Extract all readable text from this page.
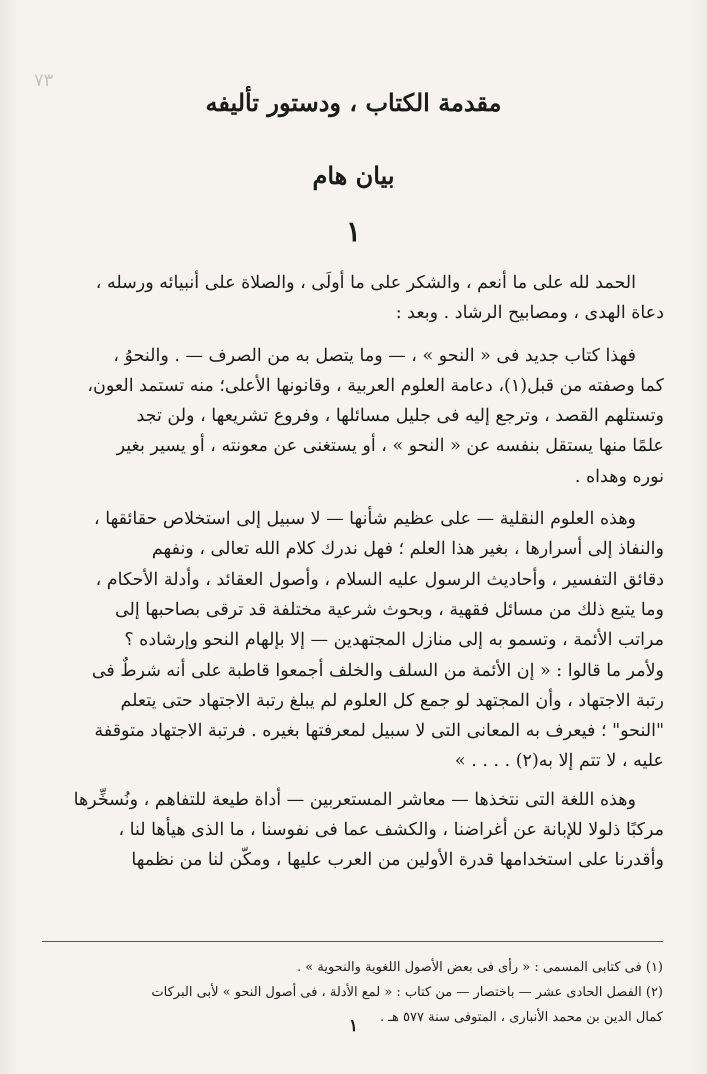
٧٣
مقدمة الكتاب ، ودستور تأليفه
بيان هام
١
الحمد لله على ما أنعم ، والشكر على ما أولَى ، والصلاة على أنبيائه ورسله ،
دعاة الهدى ، ومصابيح الرشاد . وبعد :
فهذا كتاب جديد فى « النحو » ، — وما يتصل به من الصرف — . والنحوُ ،
كما وصفته من قبل(١)، دعامة العلوم العربية ، وقانونها الأعلى؛ منه تستمد العون،
وتستلهم القصد ، وترجع إليه فى جليل مسائلها ، وفروع تشريعها ، ولن تجد
علمًا منها يستقل بنفسه عن « النحو » ، أو يستغنى عن معونته ، أو يسير بغير
نوره وهداه .
وهذه العلوم النقلية — على عظيم شأنها — لا سبيل إلى استخلاص حقائقها ،
والنفاذ إلى أسرارها ، بغير هذا العلم ؛ فهل ندرك كلام الله تعالى ، ونفهم
دقائق التفسير ، وأحاديث الرسول عليه السلام ، وأصول العقائد ، وأدلة الأحكام ،
وما يتبع ذلك من مسائل فقهية ، وبحوث شرعية مختلفة قد ترقى بصاحبها إلى
مراتب الأئمة ، وتسمو به إلى منازل المجتهدين — إلا بإلهام النحو وإرشاده ؟
ولأمر ما قالوا : « إن الأئمة من السلف والخلف أجمعوا قاطبة على أنه شرطٌ فى
رتبة الاجتهاد ، وأن المجتهد لو جمع كل العلوم لم يبلغ رتبة الاجتهاد حتى يتعلم
"النحو" ؛ فيعرف به المعانى التى لا سبيل لمعرفتها بغيره . فرتبة الاجتهاد متوقفة
عليه ، لا تتم إلا به(٢) . . . . »
وهذه اللغة التى نتخذها — معاشر المستعربين — أداة طيعة للتفاهم ، ونُسخِّرها
مركبًا ذلولا للإبانة عن أغراضنا ، والكشف عما فى نفوسنا ، ما الذى هيأها لنا ،
وأقدرنا على استخدامها قدرة الأولين من العرب عليها ، ومكّن لنا من نظمها
(١) فى كتابى المسمى : « رأى فى بعض الأصول اللغوية والنحوية » .
(٢) الفصل الحادى عشر — باختصار — من كتاب : « لمع الأدلة ، فى أصول النحو » لأبى البركات
كمال الدين بن محمد الأنبارى ، المتوفى سنة ٥٧٧ هـ .
١
